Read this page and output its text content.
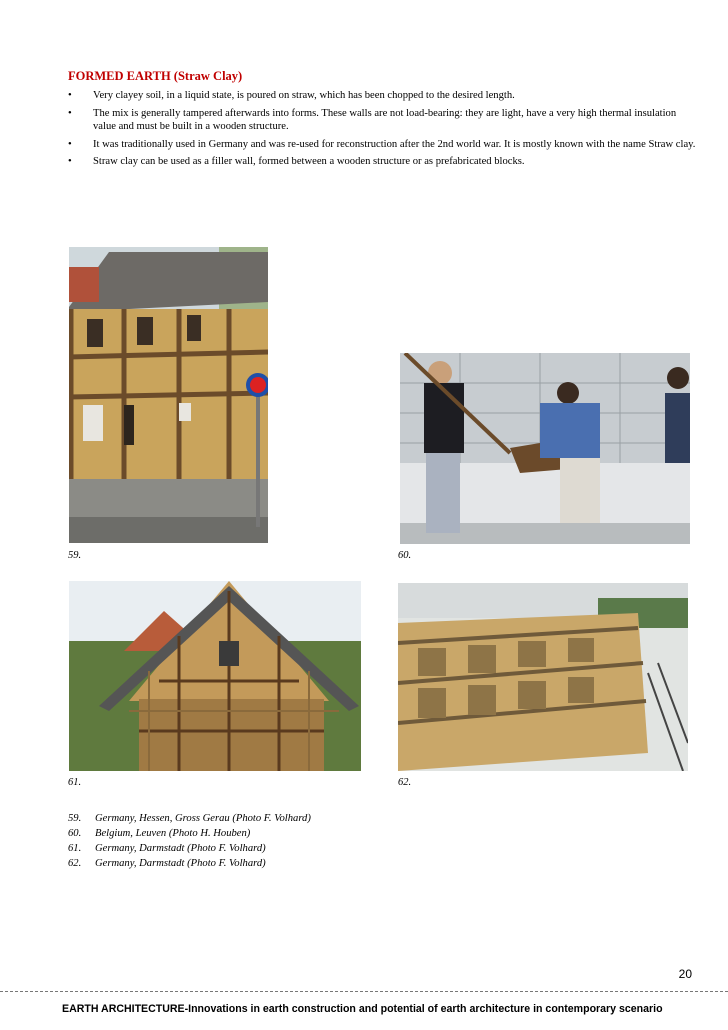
FORMED EARTH (Straw Clay)
• Very clayey soil, in a liquid state, is poured on straw, which has been chopped to the desired length.
• The mix is generally tampered afterwards into forms. These walls are not load-bearing: they are light, have a very high thermal insulation value and must be built in a wooden structure.
• It was traditionally used in Germany and was re-used for reconstruction after the 2nd world war. It is mostly known with the name Straw clay.
• Straw clay can be used as a filler wall, formed between a wooden structure or as prefabricated blocks.
59.	60.
61.	62.
59.	Germany, Hessen, Gross Gerau (Photo F. Volhard)
60.	Belgium, Leuven (Photo H. Houben)
61.	Germany, Darmstadt (Photo F. Volhard)
62.	Germany, Darmstadt (Photo F. Volhard)
20
EARTH ARCHITECTURE-Innovations in earth construction and potential of earth architecture in contemporary scenario
